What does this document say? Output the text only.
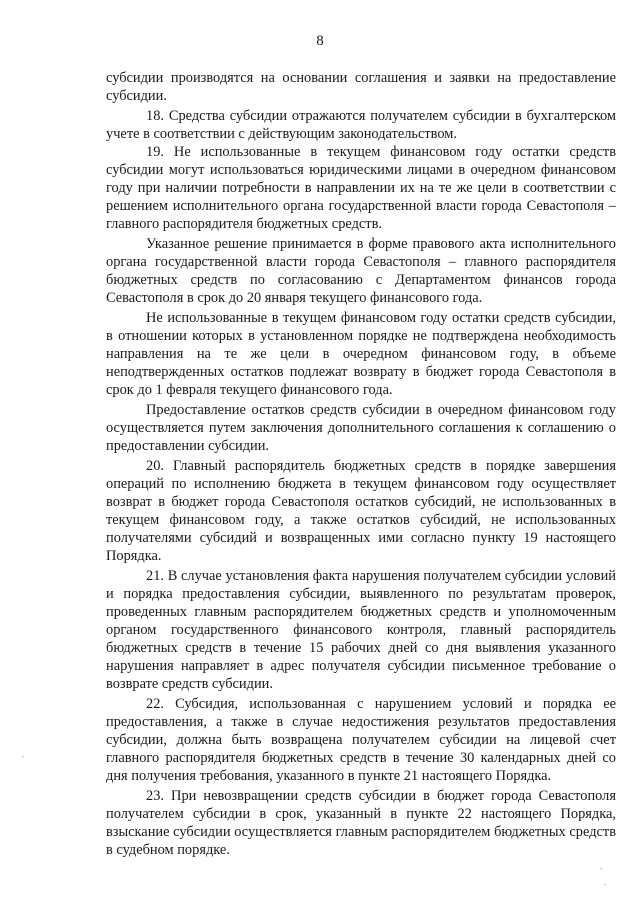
8

субсидии производятся на основании соглашения и заявки на предоставление субсидии.

18. Средства субсидии отражаются получателем субсидии в бухгалтерском учете в соответствии с действующим законодательством.

19. Не использованные в текущем финансовом году остатки средств субсидии могут использоваться юридическими лицами в очередном финансовом году при наличии потребности в направлении их на те же цели в соответствии с решением исполнительного органа государственной власти города Севастополя – главного распорядителя бюджетных средств.

Указанное решение принимается в форме правового акта исполнительного органа государственной власти города Севастополя – главного распорядителя бюджетных средств по согласованию с Департаментом финансов города Севастополя в срок до 20 января текущего финансового года.

Не использованные в текущем финансовом году остатки средств субсидии, в отношении которых в установленном порядке не подтверждена необходимость направления на те же цели в очередном финансовом году, в объеме неподтвержденных остатков подлежат возврату в бюджет города Севастополя в срок до 1 февраля текущего финансового года.

Предоставление остатков средств субсидии в очередном финансовом году осуществляется путем заключения дополнительного соглашения к соглашению о предоставлении субсидии.

20. Главный распорядитель бюджетных средств в порядке завершения операций по исполнению бюджета в текущем финансовом году осуществляет возврат в бюджет города Севастополя остатков субсидий, не использованных в текущем финансовом году, а также остатков субсидий, не использованных получателями субсидий и возвращенных ими согласно пункту 19 настоящего Порядка.

21. В случае установления факта нарушения получателем субсидии условий и порядка предоставления субсидии, выявленного по результатам проверок, проведенных главным распорядителем бюджетных средств и уполномоченным органом государственного финансового контроля, главный распорядитель бюджетных средств в течение 15 рабочих дней со дня выявления указанного нарушения направляет в адрес получателя субсидии письменное требование о возврате средств субсидии.

22. Субсидия, использованная с нарушением условий и порядка ее предоставления, а также в случае недостижения результатов предоставления субсидии, должна быть возвращена получателем субсидии на лицевой счет главного распорядителя бюджетных средств в течение 30 календарных дней со дня получения требования, указанного в пункте 21 настоящего Порядка.

23. При невозвращении средств субсидии в бюджет города Севастополя получателем субсидии в срок, указанный в пункте 22 настоящего Порядка, взыскание субсидии осуществляется главным распорядителем бюджетных средств в судебном порядке.
